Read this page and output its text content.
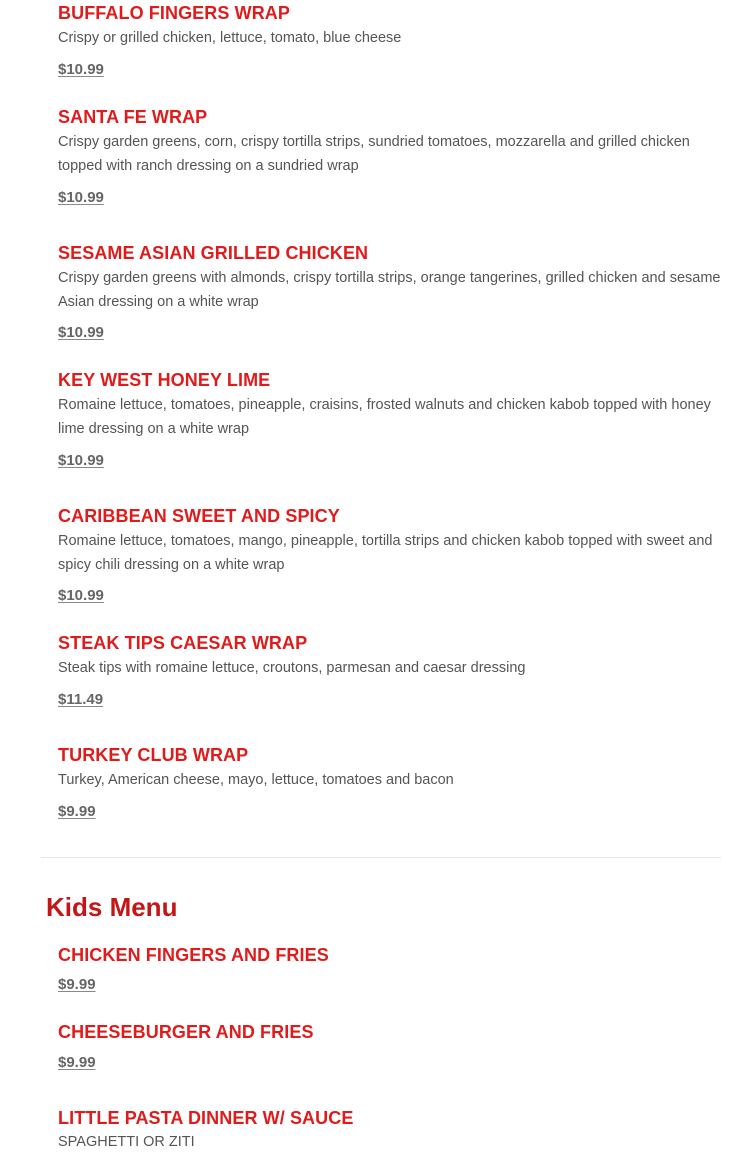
BUFFALO FINGERS WRAP

Crispy or grilled chicken, lettuce, tomato, blue cheese

$10.99

SANTA FE WRAP

Crispy garden greens, corn, crispy tortilla strips, sundried tomatoes, mozzarella and grilled chicken topped with ranch dressing on a sundried wrap

$10.99

SESAME ASIAN GRILLED CHICKEN

Crispy garden greens with almonds, crispy tortilla strips, orange tangerines, grilled chicken and sesame Asian dressing on a white wrap

$10.99

KEY WEST HONEY LIME

Romaine lettuce, tomatoes, pineapple, craisins, frosted walnuts and chicken kabob topped with honey lime dressing on a white wrap

$10.99

CARIBBEAN SWEET AND SPICY

Romaine lettuce, tomatoes, mango, pineapple, tortilla strips and chicken kabob topped with sweet and spicy chili dressing on a white wrap

$10.99

STEAK TIPS CAESAR WRAP

Steak tips with romaine lettuce, croutons, parmesan and caesar dressing

$11.49

TURKEY CLUB WRAP

Turkey, American cheese, mayo, lettuce, tomatoes and bacon

$9.99

Kids Menu

CHICKEN FINGERS AND FRIES

$9.99

CHEESEBURGER AND FRIES

$9.99

LITTLE PASTA DINNER W/ SAUCE

SPAGHETTI OR ZITI
